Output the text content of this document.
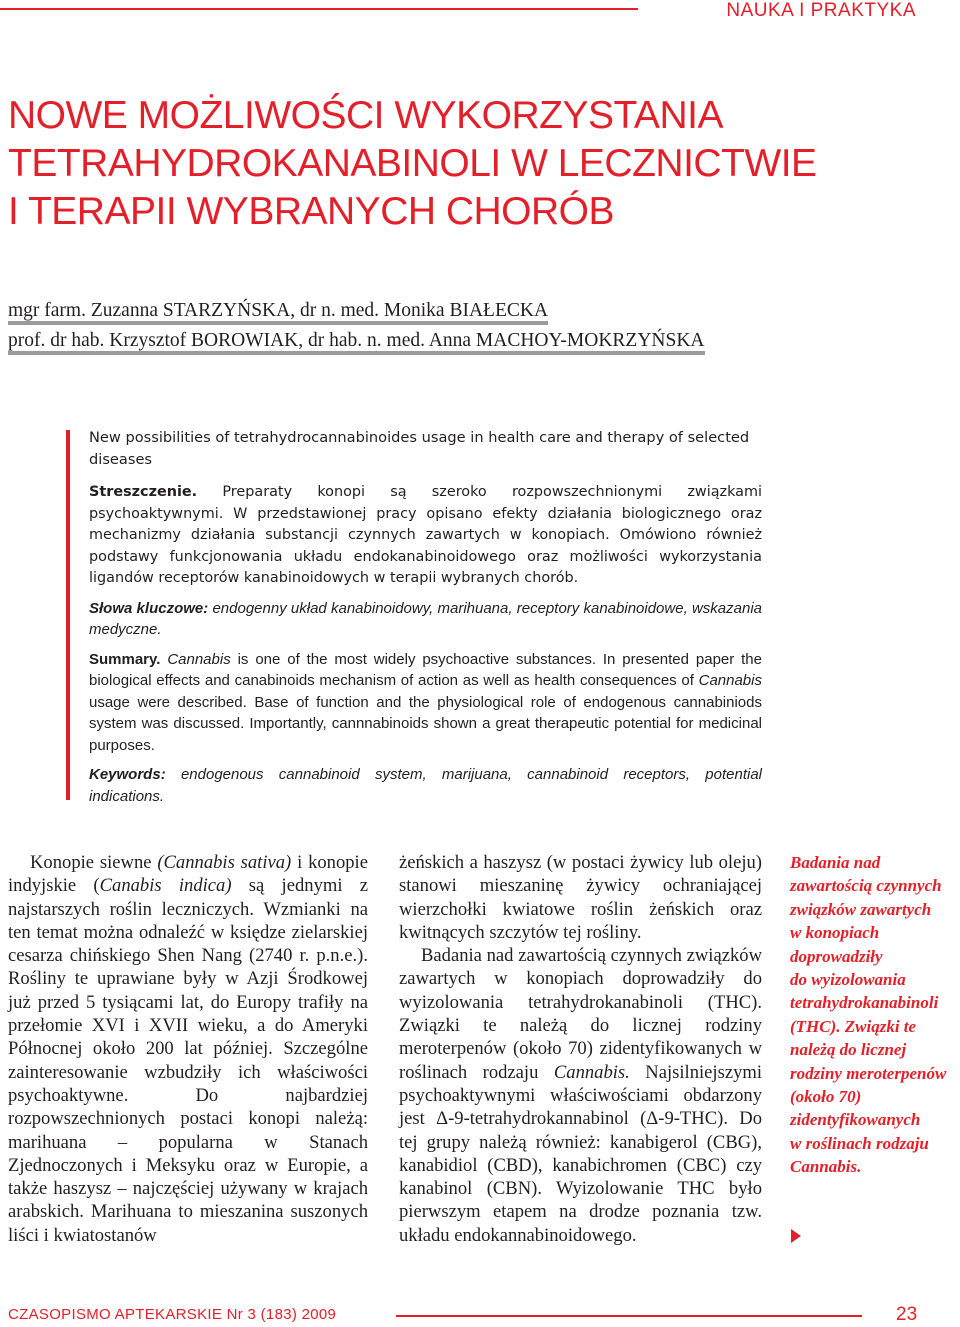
NAUKA I PRAKTYKA
NOWE MOŻLIWOŚCI WYKORZYSTANIA
TETRAHYDROKANABINOLI W LECZNICTWIE
I TERAPII WYBRANYCH CHORÓB
mgr farm. Zuzanna STARZYŃSKA, dr n. med. Monika BIAŁECKA
prof. dr hab. Krzysztof BOROWIAK, dr hab. n. med. Anna MACHOY-MOKRZYŃSKA

New possibilities of tetrahydrocannabinoides usage in health care and therapy of selected diseases

Streszczenie. Preparaty konopi są szeroko rozpowszechnionymi związkami psychoaktywnymi. W przedstawionej pracy opisano efekty działania biologicznego oraz mechanizmy działania substancji czynnych zawartych w konopiach. Omówiono również podstawy funkcjonowania układu endokanabinoidowego oraz możliwości wykorzystania ligandów receptorów kanabinoidowych w terapii wybranych chorób.

Słowa kluczowe: endogenny układ kanabinoidowy, marihuana, receptory kanabinoidowe, wskazania medyczne.

Summary. Cannabis is one of the most widely psychoactive substances. In presented paper the biological effects and canabinoids mechanism of action as well as health consequences of Cannabis usage were described. Base of function and the physiological role of endogenous cannabiniods system was discussed. Importantly, cannnabinoids shown a great therapeutic potential for medicinal purposes.

Keywords: endogenous cannabinoid system, marijuana, cannabinoid receptors, potential indications.

Konopie siewne (Cannabis sativa) i konopie indyjskie (Canabis indica) są jednymi z najstarszych roślin leczniczych. Wzmianki na ten temat można odnaleźć w księdze zielarskiej cesarza chińskiego Shen Nang (2740 r. p.n.e.). Rośliny te uprawiane były w Azji Środkowej już przed 5 tysiącami lat, do Europy trafiły na przełomie XVI i XVII wieku, a do Ameryki Północnej około 200 lat później. Szczególne zainteresowanie wzbudziły ich właściwości psychoaktywne. Do najbardziej rozpowszechnionych postaci konopi należą: marihuana – popularna w Stanach Zjednoczonych i Meksyku oraz w Europie, a także haszysz – najczęściej używany w krajach arabskich. Marihuana to mieszanina suszonych liści i kwiatostanów

żeńskich a haszysz (w postaci żywicy lub oleju) stanowi mieszaninę żywicy ochraniającej wierzchołki kwiatowe roślin żeńskich oraz kwitnących szczytów tej rośliny.

Badania nad zawartością czynnych związków zawartych w konopiach doprowadziły do wyizolowania tetrahydrokanabinoli (THC). Związki te należą do licznej rodziny meroterpenów (około 70) zidentyfikowanych w roślinach rodzaju Cannabis. Najsilniejszymi psychoaktywnymi właściwościami obdarzony jest Δ-9-tetrahydrokannabinol (Δ-9-THC). Do tej grupy należą również: kanabigerol (CBG), kanabidiol (CBD), kanabichromen (CBC) czy kanabinol (CBN). Wyizolowanie THC było pierwszym etapem na drodze poznania tzw. układu endokannabinoidowego.

Badania nad
zawartością czynnych
związków zawartych
w konopiach
doprowadziły
do wyizolowania
tetrahydrokanabinoli
(THC). Związki te
należą do licznej
rodziny meroterpenów
(około 70)
zidentyfikowanych
w roślinach rodzaju
Cannabis.
CZASOPISMO APTEKARSKIE Nr 3 (183) 2009	23
